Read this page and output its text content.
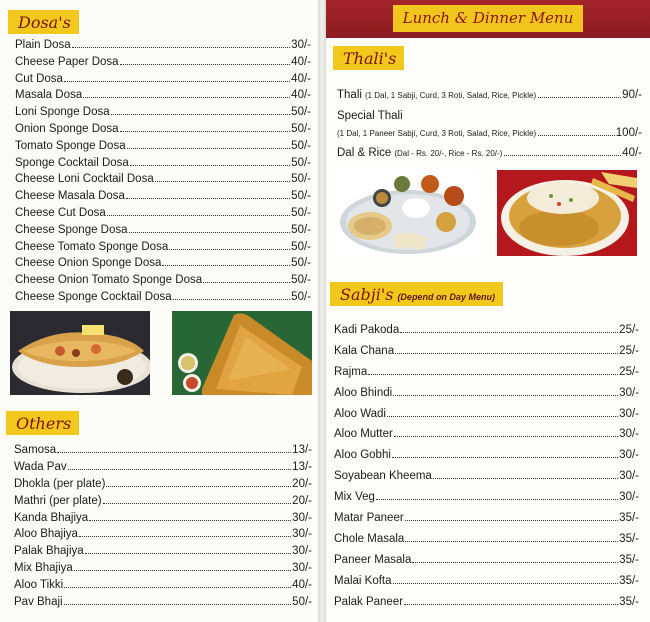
Dosa's
Plain Dosa	30/-
Cheese Paper Dosa	40/-
Cut Dosa	40/-
Masala Dosa	40/-
Loni Sponge Dosa	50/-
Onion Sponge Dosa	50/-
Tomato Sponge Dosa	50/-
Sponge Cocktail Dosa	50/-
Cheese Loni Cocktail Dosa	50/-
Cheese Masala Dosa	50/-
Cheese Cut Dosa	50/-
Cheese Sponge Dosa	50/-
Cheese Tomato Sponge Dosa	50/-
Cheese Onion Sponge Dosa	50/-
Cheese Onion Tomato Sponge Dosa	50/-
Cheese Sponge Cocktail Dosa	50/-
Others
Samosa	13/-
Wada Pav	13/-
Dhokla (per plate)	20/-
Mathri (per plate)	20/-
Kanda Bhajiya	30/-
Aloo Bhajiya	30/-
Palak Bhajiya	30/-
Mix Bhajiya	30/-
Aloo Tikki	40/-
Pav Bhaji	50/-
Lunch & Dinner Menu
Thali's
Thali (1 Dal, 1 Sabji, Curd, 3 Roti, Salad, Rice, Pickle)	90/-
Special Thali
(1 Dal, 1 Paneer Sabji, Curd, 3 Roti, Salad, Rice, Pickle)	100/-
Dal & Rice (Dal - Rs. 20/-, Rice - Rs. 20/-)	40/-
Sabji's (Depend on Day Menu)
Kadi Pakoda	25/-
Kala Chana	25/-
Rajma	25/-
Aloo Bhindi	30/-
Aloo Wadi	30/-
Aloo Mutter	30/-
Aloo Gobhi	30/-
Soyabean Kheema	30/-
Mix Veg	30/-
Matar Paneer	35/-
Chole Masala	35/-
Paneer Masala	35/-
Malai Kofta	35/-
Palak Paneer	35/-
